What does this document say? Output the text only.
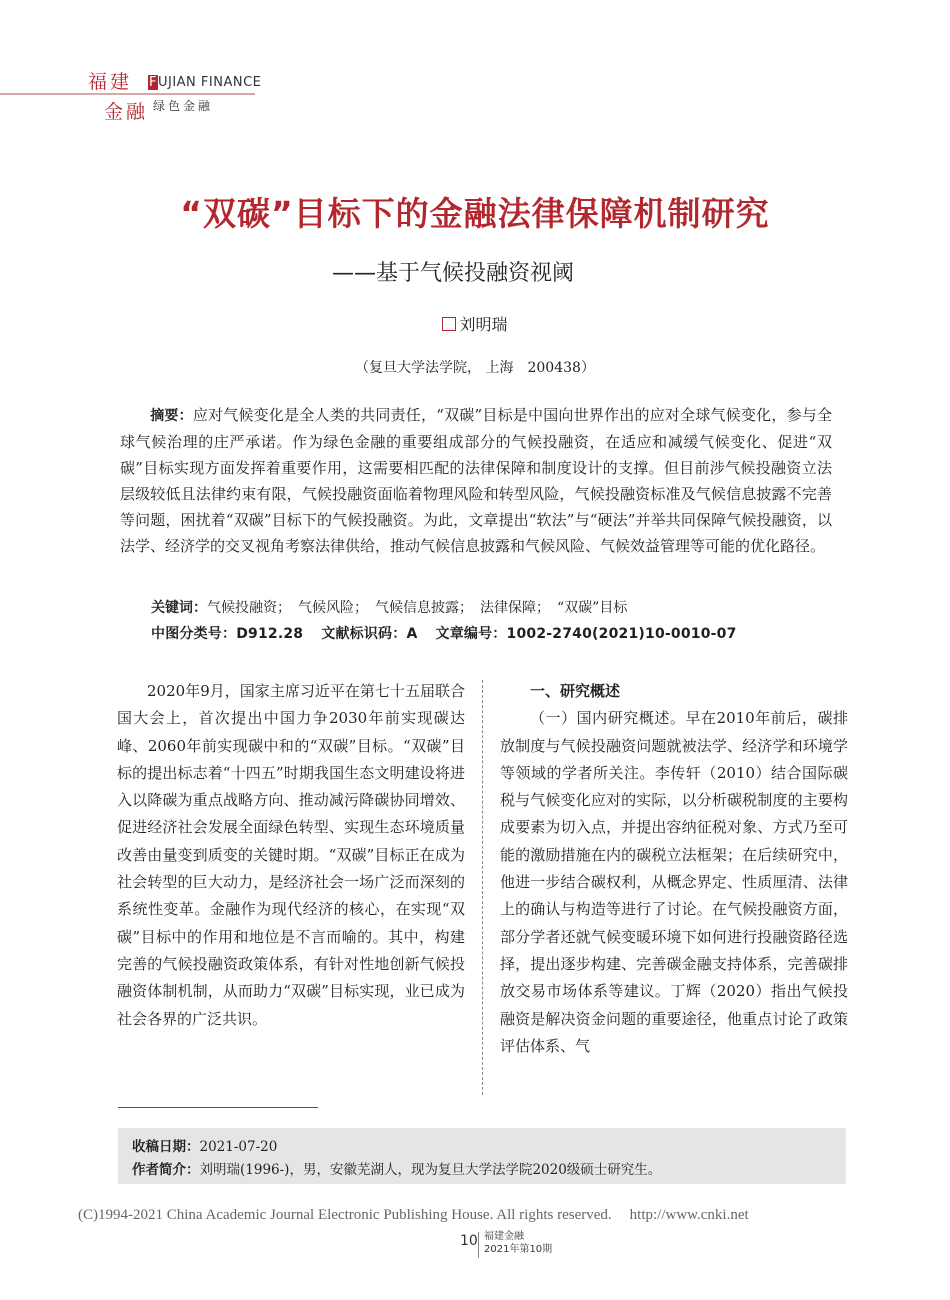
福建 FUJIAN FINANCE
金融 绿色金融
“双碳”目标下的金融法律保障机制研究
——基于气候投融资视阈
刘明瑞
（复旦大学法学院， 上海　200438）
  摘要：应对气候变化是全人类的共同责任，“双碳”目标是中国向世界作出的应对全球气候变化，参与全球气候治理的庄严承诺。作为绿色金融的重要组成部分的气候投融资，在适应和减缓气候变化、促进“双碳”目标实现方面发挥着重要作用，这需要相匹配的法律保障和制度设计的支撑。但目前涉气候投融资立法层级较低且法律约束有限，气候投融资面临着物理风险和转型风险，气候投融资标准及气候信息披露不完善等问题，困扰着“双碳”目标下的气候投融资。为此，文章提出“软法”与“硬法”并举共同保障气候投融资，以法学、经济学的交叉视角考察法律供给，推动气候信息披露和气候风险、气候效益管理等可能的优化路径。
关键词：气候投融资；　气候风险；　气候信息披露；　法律保障；　“双碳”目标
中图分类号：D912.28 文献标识码：A 文章编号：1002-2740(2021)10-0010-07

2020年9月，国家主席习近平在第七十五届联合国大会上，首次提出中国力争2030年前实现碳达峰、2060年前实现碳中和的“双碳”目标。“双碳”目标的提出标志着“十四五”时期我国生态文明建设将进入以降碳为重点战略方向、推动减污降碳协同增效、促进经济社会发展全面绿色转型、实现生态环境质量改善由量变到质变的关键时期。“双碳”目标正在成为社会转型的巨大动力，是经济社会一场广泛而深刻的系统性变革。金融作为现代经济的核心，在实现“双碳”目标中的作用和地位是不言而喻的。其中，构建完善的气候投融资政策体系，有针对性地创新气候投融资体制机制，从而助力“双碳”目标实现，业已成为社会各界的广泛共识。

一、研究概述

（一）国内研究概述。早在2010年前后，碳排放制度与气候投融资问题就被法学、经济学和环境学等领域的学者所关注。李传轩（2010）结合国际碳税与气候变化应对的实际，以分析碳税制度的主要构成要素为切入点，并提出容纳征税对象、方式乃至可能的激励措施在内的碳税立法框架；在后续研究中，他进一步结合碳权利，从概念界定、性质厘清、法律上的确认与构造等进行了讨论。在气候投融资方面，部分学者还就气候变暖环境下如何进行投融资路径选择，提出逐步构建、完善碳金融支持体系，完善碳排放交易市场体系等建议。丁辉（2020）指出气候投融资是解决资金问题的重要途径，他重点讨论了政策评估体系、气

收稿日期：2021-07-20
作者简介：刘明瑞(1996-)，男，安徽芜湖人，现为复旦大学法学院2020级硕士研究生。
(C)1994-2021 China Academic Journal Electronic Publishing House. All rights reserved. http://www.cnki.net
10 福建金融
2021年第10期
